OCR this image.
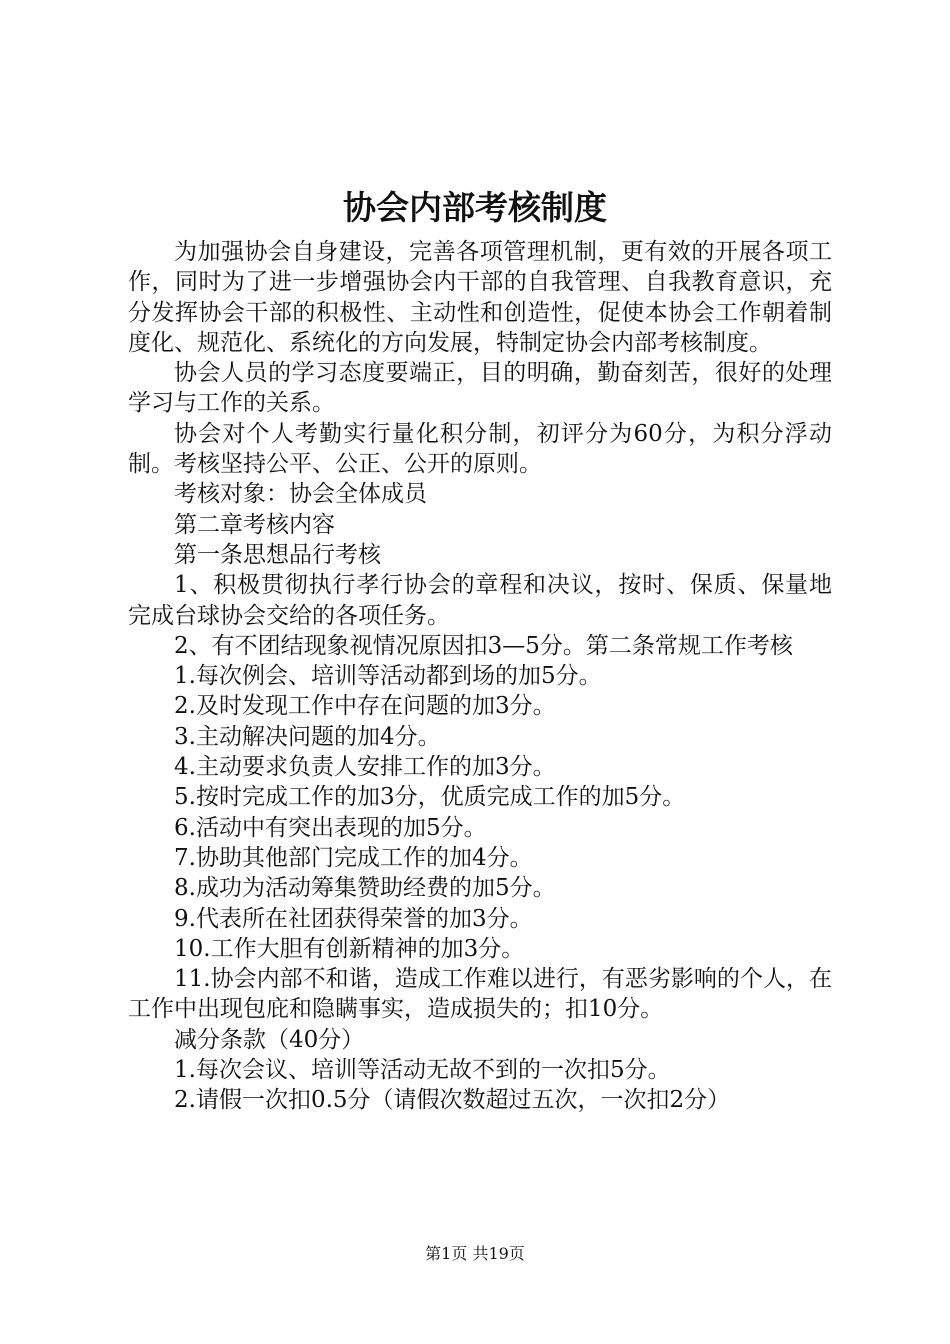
协会内部考核制度

为加强协会自身建设，完善各项管理机制，更有效的开展各项工作，同时为了进一步增强协会内干部的自我管理、自我教育意识，充分发挥协会干部的积极性、主动性和创造性，促使本协会工作朝着制度化、规范化、系统化的方向发展，特制定协会内部考核制度。

协会人员的学习态度要端正，目的明确，勤奋刻苦，很好的处理学习与工作的关系。

协会对个人考勤实行量化积分制，初评分为60分，为积分浮动制。考核坚持公平、公正、公开的原则。

考核对象：协会全体成员

第二章考核内容

第一条思想品行考核

1、积极贯彻执行孝行协会的章程和决议，按时、保质、保量地完成台球协会交给的各项任务。

2、有不团结现象视情况原因扣3—5分。第二条常规工作考核

1.每次例会、培训等活动都到场的加5分。

2.及时发现工作中存在问题的加3分。

3.主动解决问题的加4分。

4.主动要求负责人安排工作的加3分。

5.按时完成工作的加3分，优质完成工作的加5分。

6.活动中有突出表现的加5分。

7.协助其他部门完成工作的加4分。

8.成功为活动筹集赞助经费的加5分。

9.代表所在社团获得荣誉的加3分。

10.工作大胆有创新精神的加3分。

11.协会内部不和谐，造成工作难以进行，有恶劣影响的个人，在工作中出现包庇和隐瞒事实，造成损失的；扣10分。

减分条款（40分）

1.每次会议、培训等活动无故不到的一次扣5分。

2.请假一次扣0.5分（请假次数超过五次，一次扣2分）

第1页 共19页
